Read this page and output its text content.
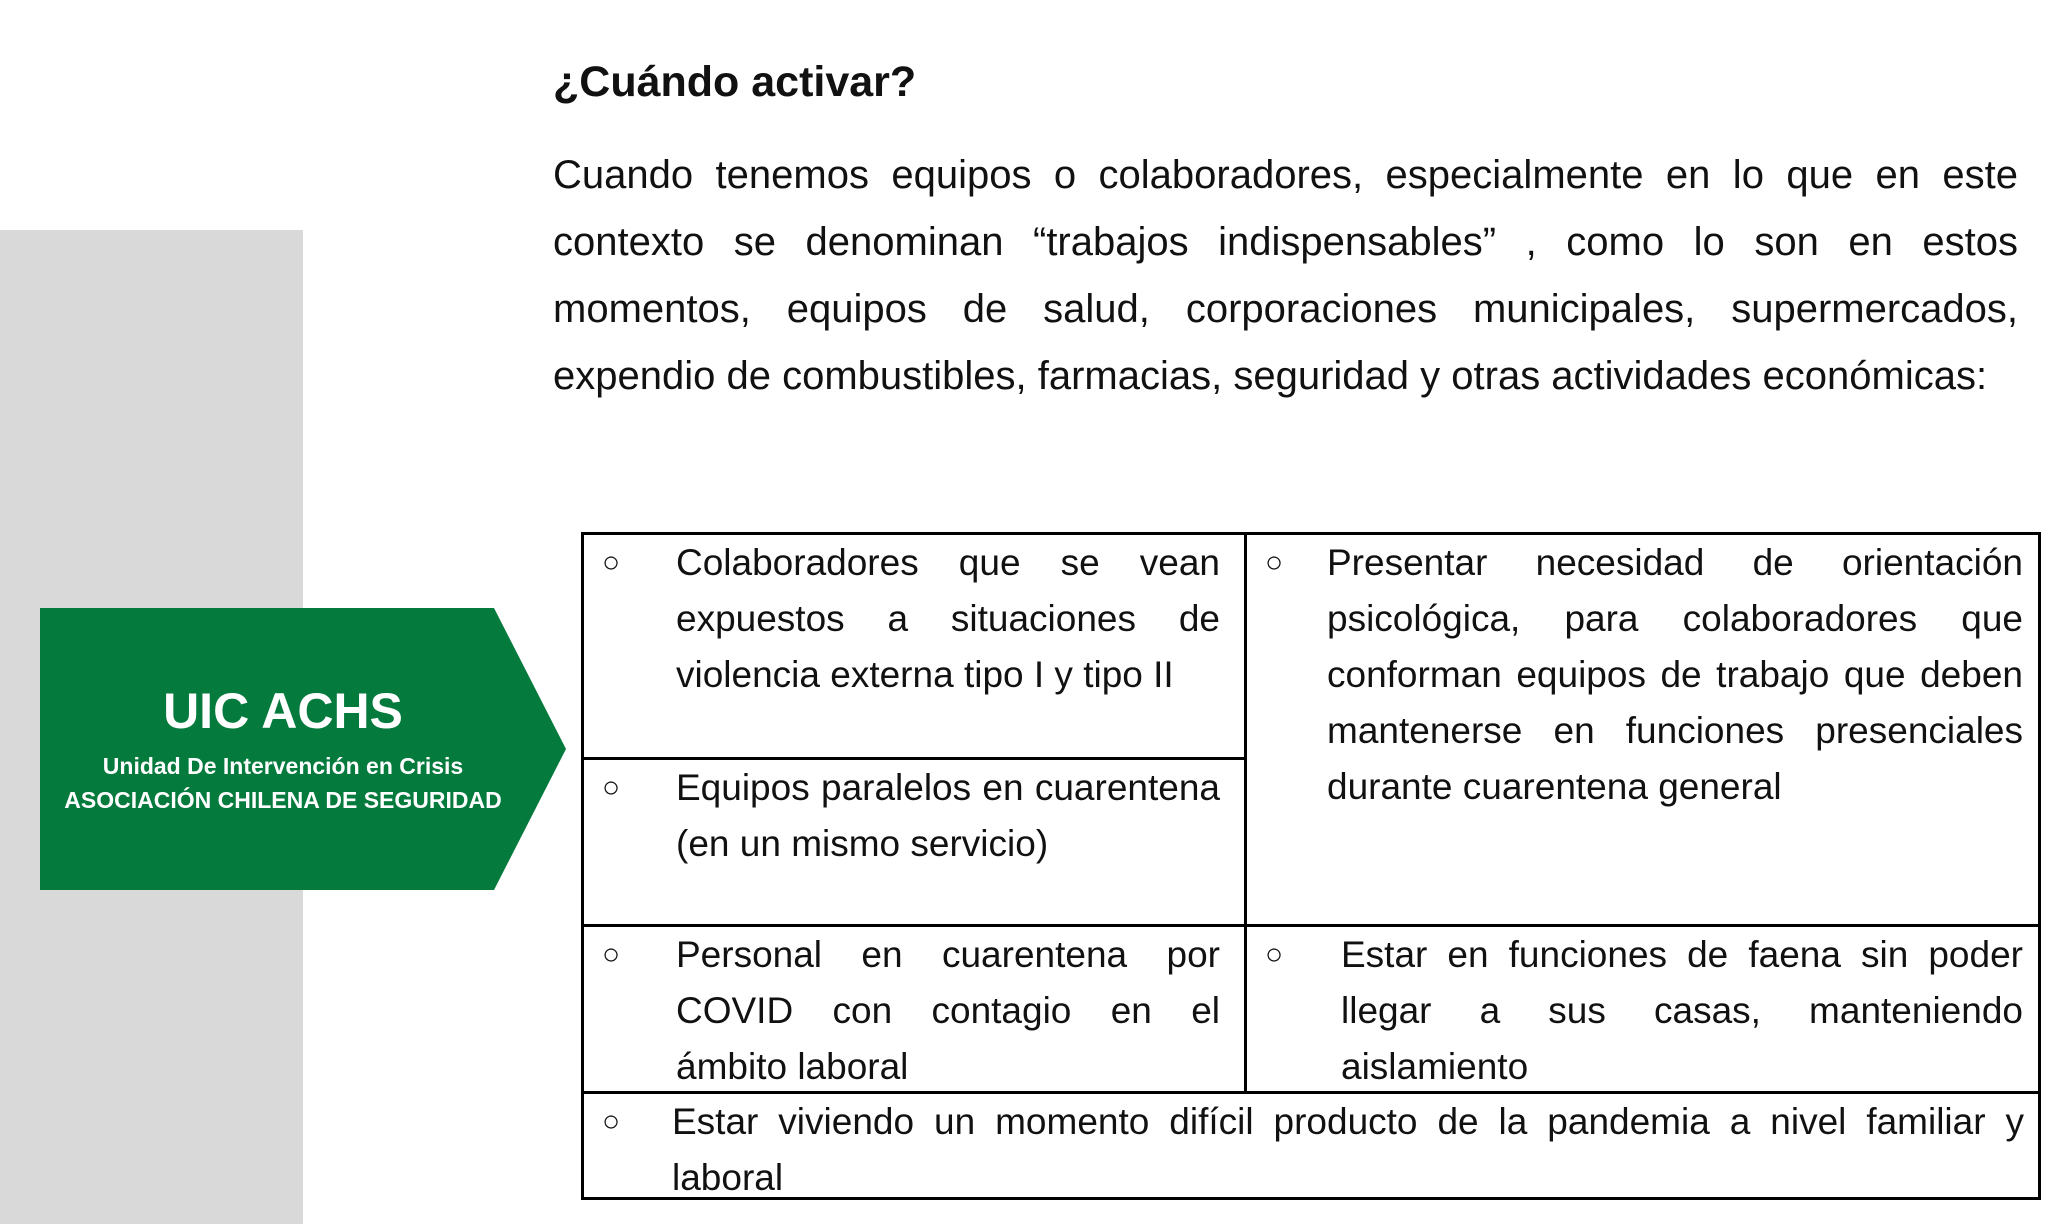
UIC ACHS
Unidad De Intervención en Crisis
ASOCIACIÓN CHILENA DE SEGURIDAD
¿Cuándo activar?
Cuando tenemos equipos o colaboradores, especialmente en lo que en este contexto se denominan “trabajos indispensables” , como lo son en estos momentos, equipos de salud, corporaciones municipales, supermercados, expendio de combustibles, farmacias, seguridad y otras actividades económicas:
○ Colaboradores que se vean expuestos a situaciones de violencia externa tipo I y tipo II
○ Equipos paralelos en cuarentena (en un mismo servicio)
○ Personal en cuarentena por COVID con contagio en el ámbito laboral
○ Presentar necesidad de orientación psicológica, para colaboradores que conforman equipos de trabajo que deben mantenerse en funciones presenciales durante cuarentena general
○ Estar en funciones de faena sin poder llegar a sus casas, manteniendo aislamiento
○ Estar viviendo un momento difícil producto de la pandemia a nivel familiar y laboral
